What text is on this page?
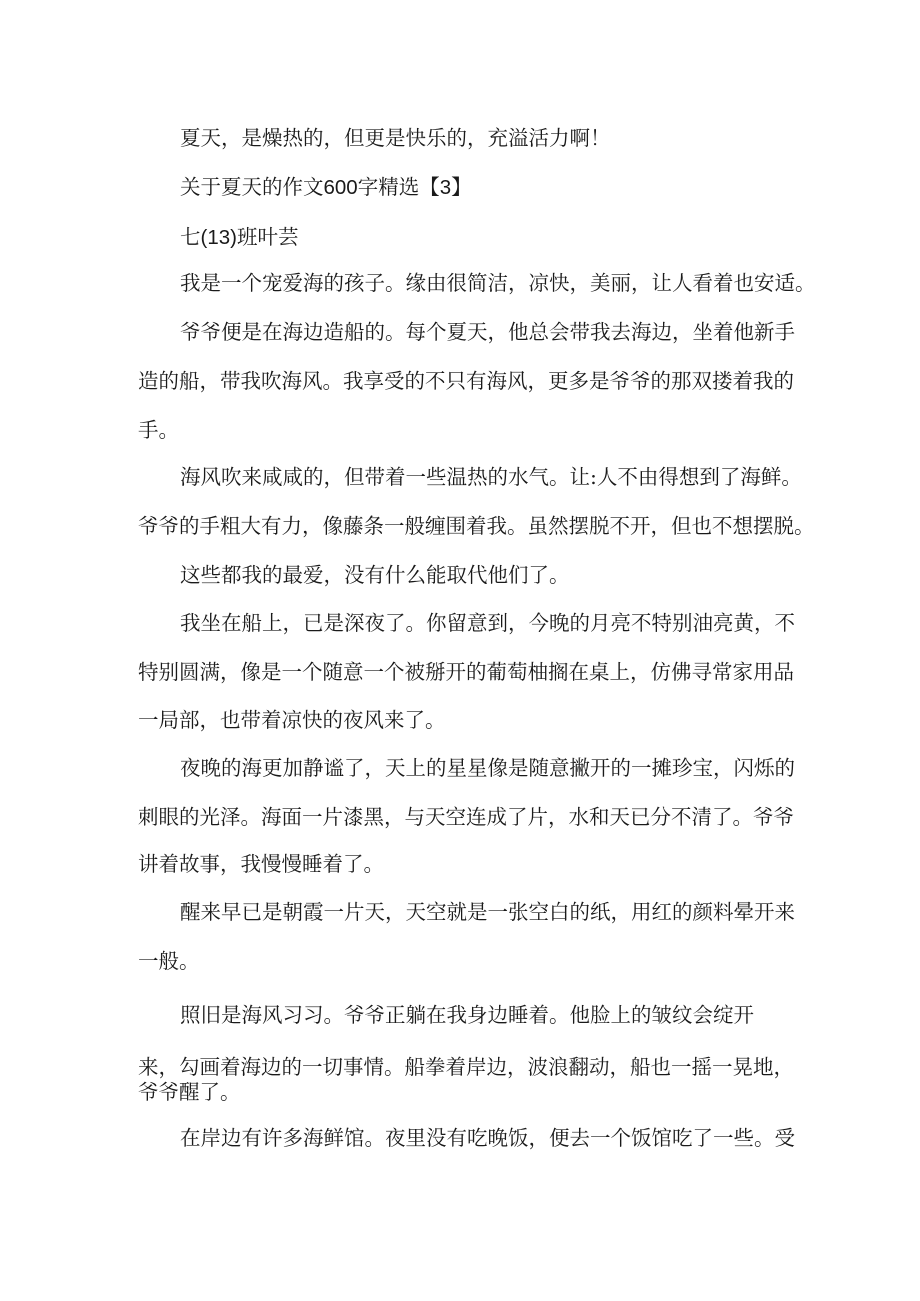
夏天，是燥热的，但更是快乐的，充溢活力啊！
关于夏天的作文600字精选【3】
七(13)班叶芸
我是一个宠爱海的孩子。缘由很简洁，凉快，美丽，让人看着也安适。
爷爷便是在海边造船的。每个夏天，他总会带我去海边，坐着他新手
造的船，带我吹海风。我享受的不只有海风，更多是爷爷的那双搂着我的
手。
海风吹来咸咸的，但带着一些温热的水气。让:人不由得想到了海鲜。
爷爷的手粗大有力，像藤条一般缠围着我。虽然摆脱不开，但也不想摆脱。
这些都我的最爱，没有什么能取代他们了。
我坐在船上，已是深夜了。你留意到，今晚的月亮不特别油亮黄，不
特别圆满，像是一个随意一个被掰开的葡萄柚搁在桌上，仿佛寻常家用品
一局部，也带着凉快的夜风来了。
夜晚的海更加静谧了，天上的星星像是随意撇开的一摊珍宝，闪烁的
刺眼的光泽。海面一片漆黑，与天空连成了片，水和天已分不清了。爷爷
讲着故事，我慢慢睡着了。
醒来早已是朝霞一片天，天空就是一张空白的纸，用红的颜料晕开来
一般。
照旧是海风习习。爷爷正躺在我身边睡着。他脸上的皱纹会绽开
来，勾画着海边的一切事情。船拳着岸边，波浪翻动，船也一摇一晃地，
爷爷醒了。
在岸边有许多海鲜馆。夜里没有吃晚饭，便去一个饭馆吃了一些。受
